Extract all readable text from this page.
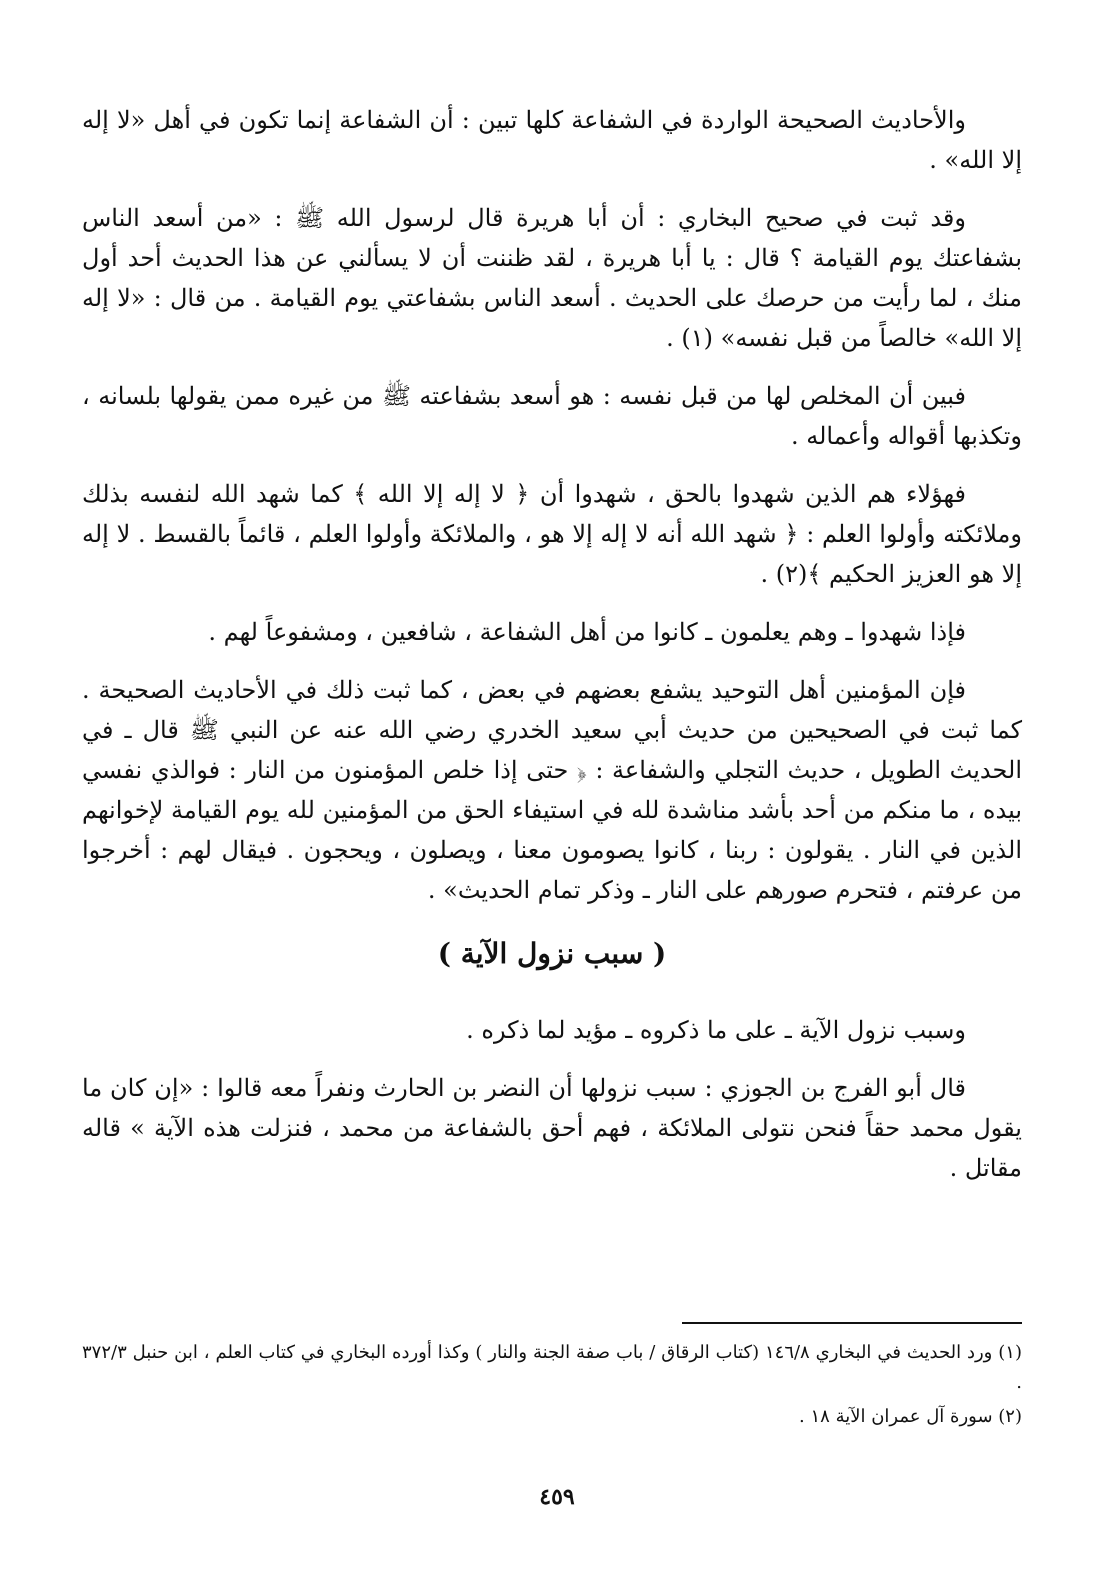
والأحاديث الصحيحة الواردة في الشفاعة كلها تبين : أن الشفاعة إنما تكون في أهل «لا إله إلا الله» .

وقد ثبت في صحيح البخاري : أن أبا هريرة قال لرسول الله ﷺ : «من أسعد الناس بشفاعتك يوم القيامة ؟ قال : يا أبا هريرة ، لقد ظننت أن لا يسألني عن هذا الحديث أحد أول منك ، لما رأيت من حرصك على الحديث . أسعد الناس بشفاعتي يوم القيامة . من قال : «لا إله إلا الله» خالصاً من قبل نفسه» (١) .

فبين أن المخلص لها من قبل نفسه : هو أسعد بشفاعته ﷺ من غيره ممن يقولها بلسانه ، وتكذبها أقواله وأعماله .

فهؤلاء هم الذين شهدوا بالحق ، شهدوا أن ﴿ لا إله إلا الله ﴾ كما شهد الله لنفسه بذلك وملائكته وأولوا العلم : ﴿ شهد الله أنه لا إله إلا هو ، والملائكة وأولوا العلم ، قائماً بالقسط . لا إله إلا هو العزيز الحكيم ﴾(٢) .

فإذا شهدوا ـ وهم يعلمون ـ كانوا من أهل الشفاعة ، شافعين ، ومشفوعاً لهم .

فإن المؤمنين أهل التوحيد يشفع بعضهم في بعض ، كما ثبت ذلك في الأحاديث الصحيحة . كما ثبت في الصحيحين من حديث أبي سعيد الخدري رضي الله عنه عن النبي ﷺ قال ـ في الحديث الطويل ، حديث التجلي والشفاعة : ﴿ حتى إذا خلص المؤمنون من النار : فوالذي نفسي بيده ، ما منكم من أحد بأشد مناشدة لله في استيفاء الحق من المؤمنين لله يوم القيامة لإخوانهم الذين في النار . يقولون : ربنا ، كانوا يصومون معنا ، ويصلون ، ويحجون . فيقال لهم : أخرجوا من عرفتم ، فتحرم صورهم على النار ـ وذكر تمام الحديث» .

( سبب نزول الآية )

وسبب نزول الآية ـ على ما ذكروه ـ مؤيد لما ذكره .

قال أبو الفرج بن الجوزي : سبب نزولها أن النضر بن الحارث ونفراً معه قالوا : «إن كان ما يقول محمد حقاً فنحن نتولى الملائكة ، فهم أحق بالشفاعة من محمد ، فنزلت هذه الآية » قاله مقاتل .

(١) ورد الحديث في البخاري ١٤٦/٨ (كتاب الرقاق / باب صفة الجنة والنار ) وكذا أورده البخاري في كتاب العلم ، ابن حنبل ٣٧٢/٣ .

(٢) سورة آل عمران الآية ١٨ .

٤٥٩
